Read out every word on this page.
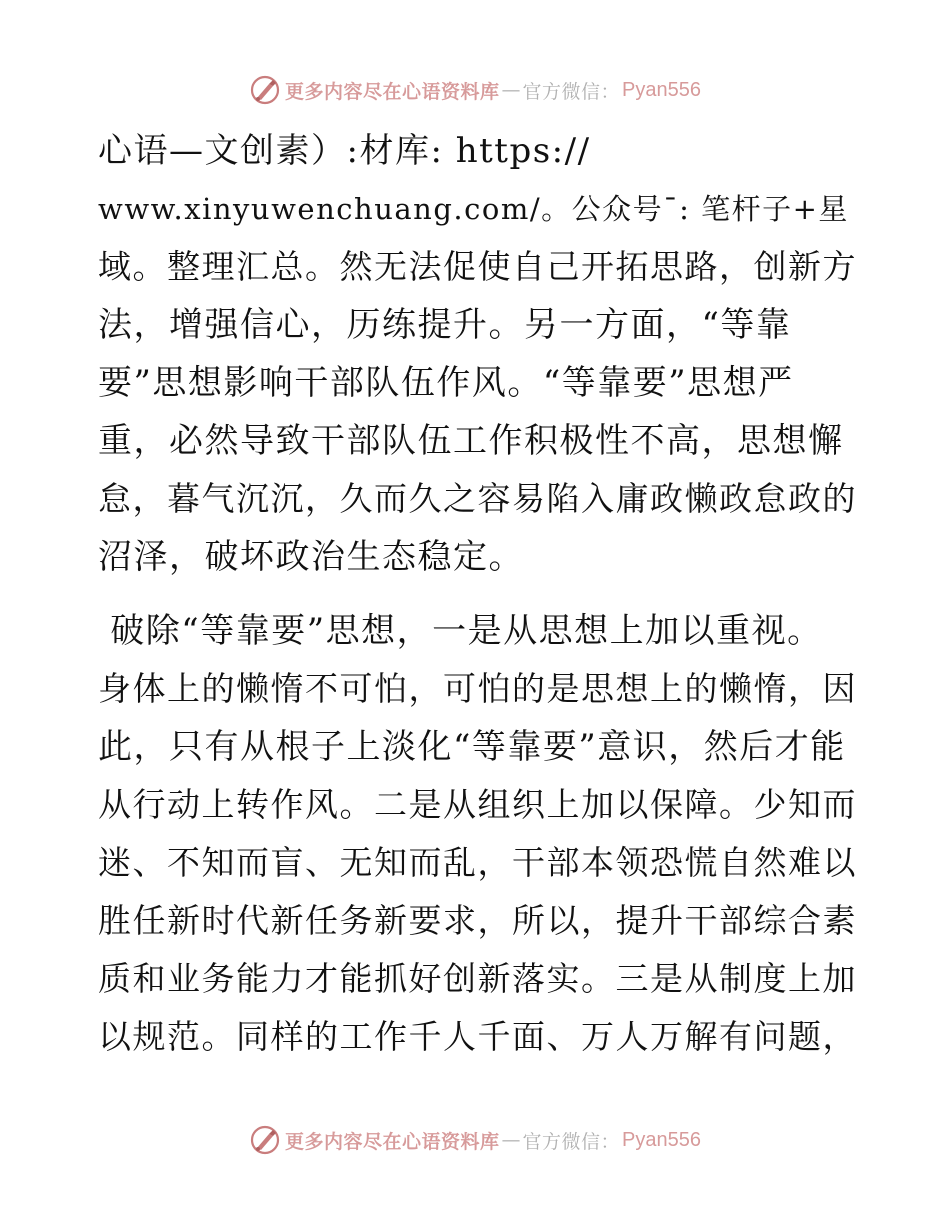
更多内容尽在心语资料库 — 官方微信： Pyan556
心语—文创素）:材库: https://
www.xinyuwenchuang.com/。公众号¯: 笔杆子+星
域。整理汇总。然无法促使自己开拓思路，创新方
法，增强信心，历练提升。另一方面，“等靠
要”思想影响干部队伍作风。“等靠要”思想严
重，必然导致干部队伍工作积极性不高，思想懈
怠，暮气沉沉，久而久之容易陷入庸政懒政怠政的
沼泽，破坏政治生态稳定。
破除“等靠要”思想，一是从思想上加以重视。
身体上的懒惰不可怕，可怕的是思想上的懒惰，因
此，只有从根子上淡化“等靠要”意识，然后才能
从行动上转作风。二是从组织上加以保障。少知而
迷、不知而盲、无知而乱，干部本领恐慌自然难以
胜任新时代新任务新要求，所以，提升干部综合素
质和业务能力才能抓好创新落实。三是从制度上加
以规范。同样的工作千人千面、万人万解有问题，
更多内容尽在心语资料库 — 官方微信： Pyan556
